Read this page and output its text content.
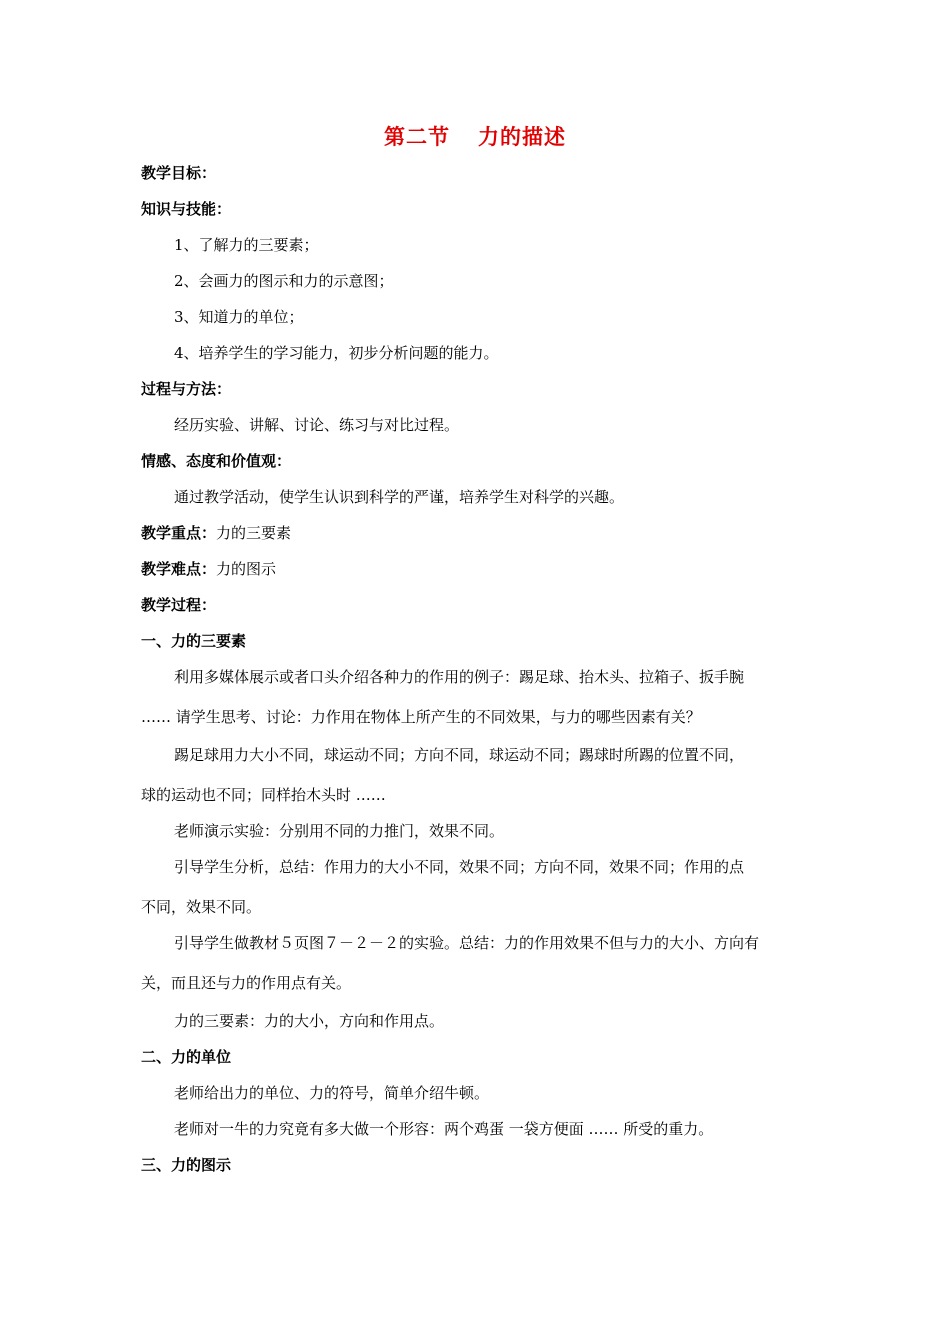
第二节 力的描述
教学目标：
知识与技能：
1、了解力的三要素；
2、会画力的图示和力的示意图；
3、知道力的单位；
4、培养学生的学习能力，初步分析问题的能力。
过程与方法：
经历实验、讲解、讨论、练习与对比过程。
情感、态度和价值观：
通过教学活动，使学生认识到科学的严谨，培养学生对科学的兴趣。
教学重点：力的三要素
教学难点：力的图示
教学过程：
一、力的三要素
利用多媒体展示或者口头介绍各种力的作用的例子：踢足球、抬木头、拉箱子、扳手腕
…… 请学生思考、讨论：力作用在物体上所产生的不同效果，与力的哪些因素有关？
踢足球用力大小不同，球运动不同；方向不同，球运动不同；踢球时所踢的位置不同，
球的运动也不同；同样抬木头时 ……
老师演示实验：分别用不同的力推门，效果不同。
引导学生分析，总结：作用力的大小不同，效果不同；方向不同，效果不同；作用的点
不同，效果不同。
引导学生做教材５页图７－２－２的实验。总结：力的作用效果不但与力的大小、方向有
关，而且还与力的作用点有关。
力的三要素：力的大小，方向和作用点。
二、力的单位
老师给出力的单位、力的符号，简单介绍牛顿。
老师对一牛的力究竟有多大做一个形容：两个鸡蛋 一袋方便面 …… 所受的重力。
三、力的图示
